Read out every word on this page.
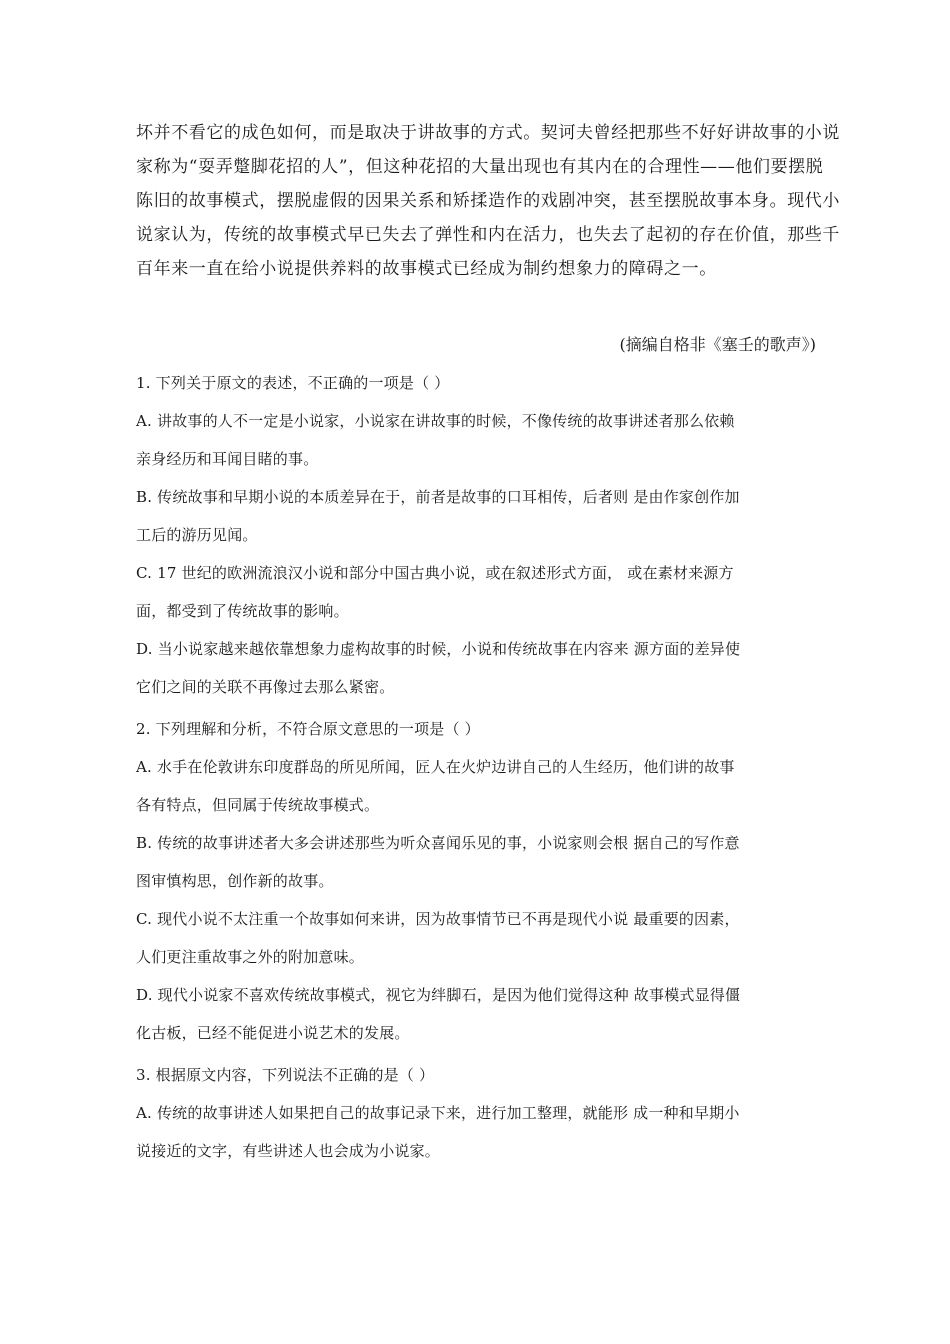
坏并不看它的成色如何，而是取决于讲故事的方式。契诃夫曾经把那些不好好讲故事的小说
家称为“耍弄蹩脚花招的人”，但这种花招的大量出现也有其内在的合理性——他们要摆脱
陈旧的故事模式，摆脱虚假的因果关系和矫揉造作的戏剧冲突，甚至摆脱故事本身。现代小
说家认为，传统的故事模式早已失去了弹性和内在活力，也失去了起初的存在价值，那些千
百年来一直在给小说提供养料的故事模式已经成为制约想象力的障碍之一。
(摘编自格非《塞壬的歌声》)
1. 下列关于原文的表述，不正确的一项是（ ）
A. 讲故事的人不一定是小说家，小说家在讲故事的时候，不像传统的故事讲述者那么依赖
亲身经历和耳闻目睹的事。
B. 传统故事和早期小说的本质差异在于，前者是故事的口耳相传，后者则 是由作家创作加
工后的游历见闻。
C. 17 世纪的欧洲流浪汉小说和部分中国古典小说，或在叙述形式方面， 或在素材来源方
面，都受到了传统故事的影响。
D. 当小说家越来越依靠想象力虚构故事的时候，小说和传统故事在内容来 源方面的差异使
它们之间的关联不再像过去那么紧密。
2. 下列理解和分析，不符合原文意思的一项是（ ）
A. 水手在伦敦讲东印度群岛的所见所闻，匠人在火炉边讲自己的人生经历，他们讲的故事
各有特点，但同属于传统故事模式。
B. 传统的故事讲述者大多会讲述那些为听众喜闻乐见的事，小说家则会根 据自己的写作意
图审慎构思，创作新的故事。
C. 现代小说不太注重一个故事如何来讲，因为故事情节已不再是现代小说 最重要的因素，
人们更注重故事之外的附加意味。
D. 现代小说家不喜欢传统故事模式，视它为绊脚石，是因为他们觉得这种 故事模式显得僵
化古板，已经不能促进小说艺术的发展。
3. 根据原文内容，下列说法不正确的是（ ）
A. 传统的故事讲述人如果把自己的故事记录下来，进行加工整理，就能形 成一种和早期小
说接近的文字，有些讲述人也会成为小说家。
